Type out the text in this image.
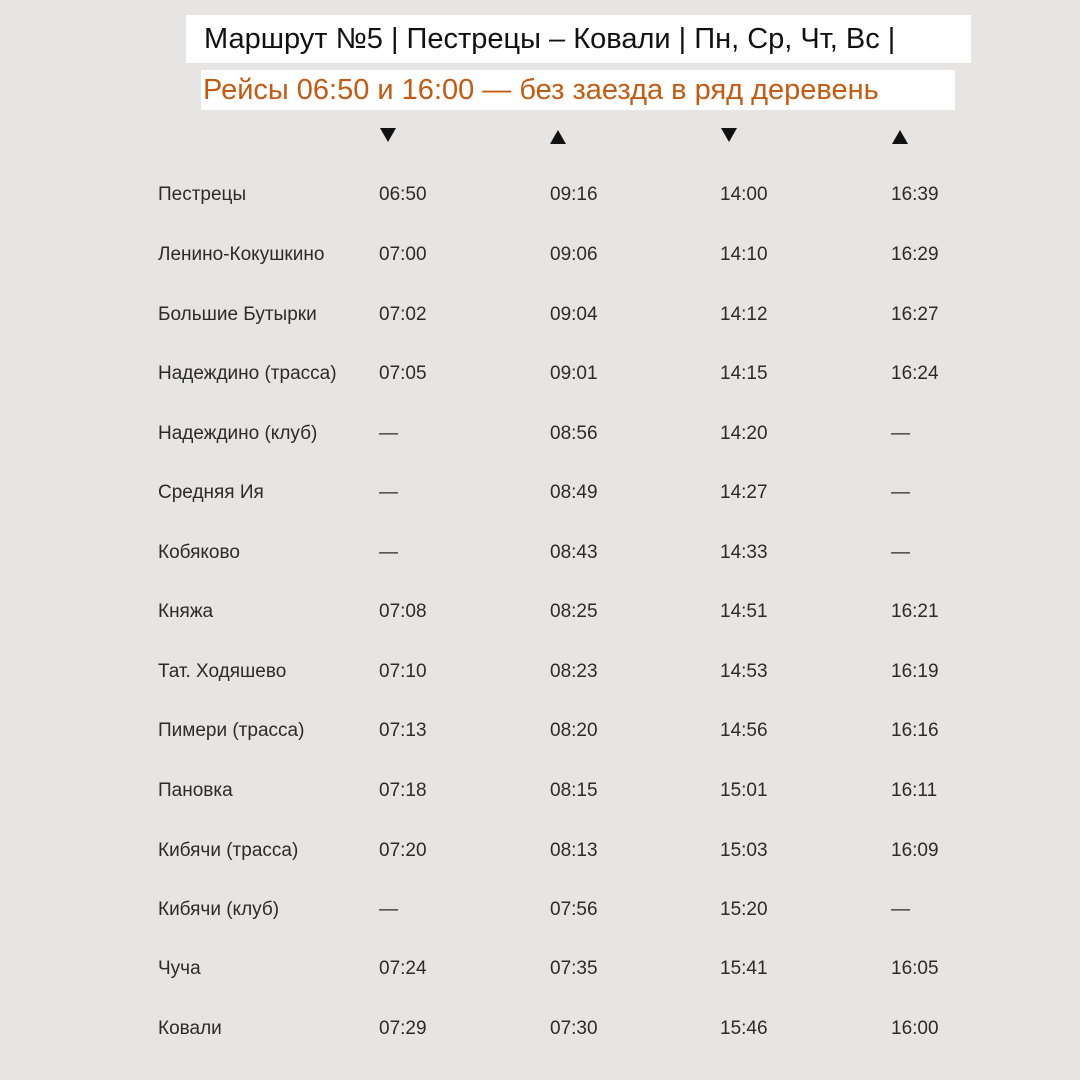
Маршрут №5 | Пестрецы – Ковали | Пн, Ср, Чт, Вс |
Рейсы 06:50 и 16:00 — без заезда в ряд деревень
Пестрецы	06:50	09:16	14:00	16:39
Ленино-Кокушкино	07:00	09:06	14:10	16:29
Большие Бутырки	07:02	09:04	14:12	16:27
Надеждино (трасса) 07:05	09:01	14:15	16:24
Надеждино (клуб)	—	08:56	14:20	—
Средняя Ия	—	08:49	14:27	—
Кобяково	—	08:43	14:33	—
Княжа	07:08	08:25	14:51	16:21
Тат. Ходяшево	07:10	08:23	14:53	16:19
Пимери (трасса)	07:13	08:20	14:56	16:16
Пановка	07:18	08:15	15:01	16:11
Кибячи (трасса)	07:20	08:13	15:03	16:09
Кибячи (клуб)	—	07:56	15:20	—
Чуча	07:24	07:35	15:41	16:05
Ковали	07:29	07:30	15:46	16:00
